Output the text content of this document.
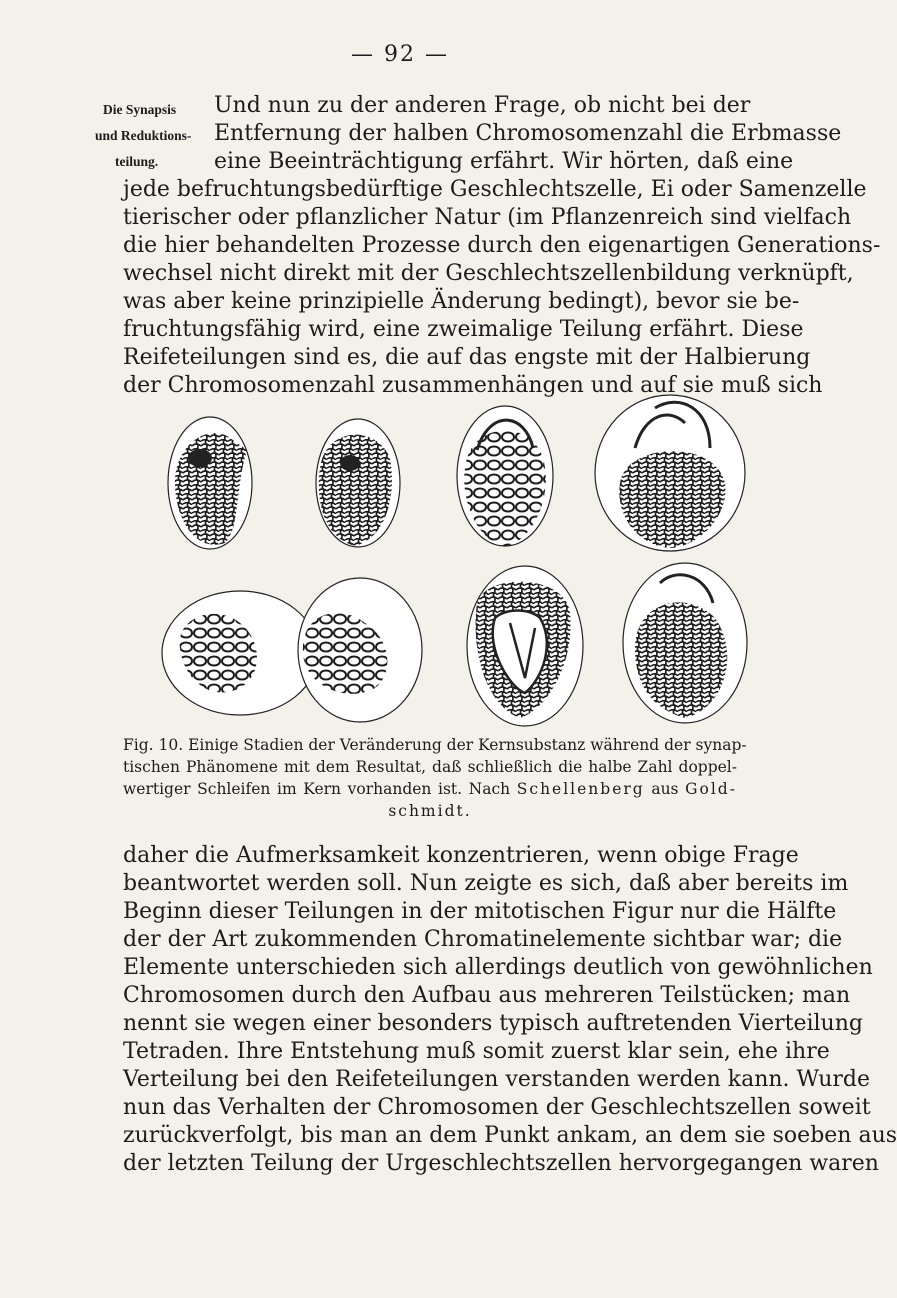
— 92 —
Die Synapsis
und Reduktions-
teilung.
Und nun zu der anderen Frage, ob nicht bei der
Entfernung der halben Chromosomenzahl die Erbmasse
eine Beeinträchtigung erfährt. Wir hörten, daß eine
jede befruchtungsbedürftige Geschlechtszelle, Ei oder Samenzelle
tierischer oder pflanzlicher Natur (im Pflanzenreich sind vielfach
die hier behandelten Prozesse durch den eigenartigen Generations-
wechsel nicht direkt mit der Geschlechtszellenbildung verknüpft,
was aber keine prinzipielle Änderung bedingt), bevor sie be-
fruchtungsfähig wird, eine zweimalige Teilung erfährt. Diese
Reifeteilungen sind es, die auf das engste mit der Halbierung
Fig. 10. Einige Stadien der Veränderung der Kernsubstanz während der synap-
tischen Phänomene mit dem Resultat, daß schließlich die halbe Zahl doppel-
wertiger Schleifen im Kern vorhanden ist. Nach Schellenberg aus Gold-
schmidt.
daher die Aufmerksamkeit konzentrieren, wenn obige Frage
beantwortet werden soll. Nun zeigte es sich, daß aber bereits im
Beginn dieser Teilungen in der mitotischen Figur nur die Hälfte
der der Art zukommenden Chromatinelemente sichtbar war; die
Elemente unterschieden sich allerdings deutlich von gewöhnlichen
Chromosomen durch den Aufbau aus mehreren Teilstücken; man
nennt sie wegen einer besonders typisch auftretenden Vierteilung
Tetraden. Ihre Entstehung muß somit zuerst klar sein, ehe ihre
Verteilung bei den Reifeteilungen verstanden werden kann. Wurde
nun das Verhalten der Chromosomen der Geschlechtszellen soweit
zurückverfolgt, bis man an dem Punkt ankam, an dem sie soeben aus
der letzten Teilung der Urgeschlechtszellen hervorgegangen waren
der Chromosomenzahl zusammenhängen und auf sie muß sich
